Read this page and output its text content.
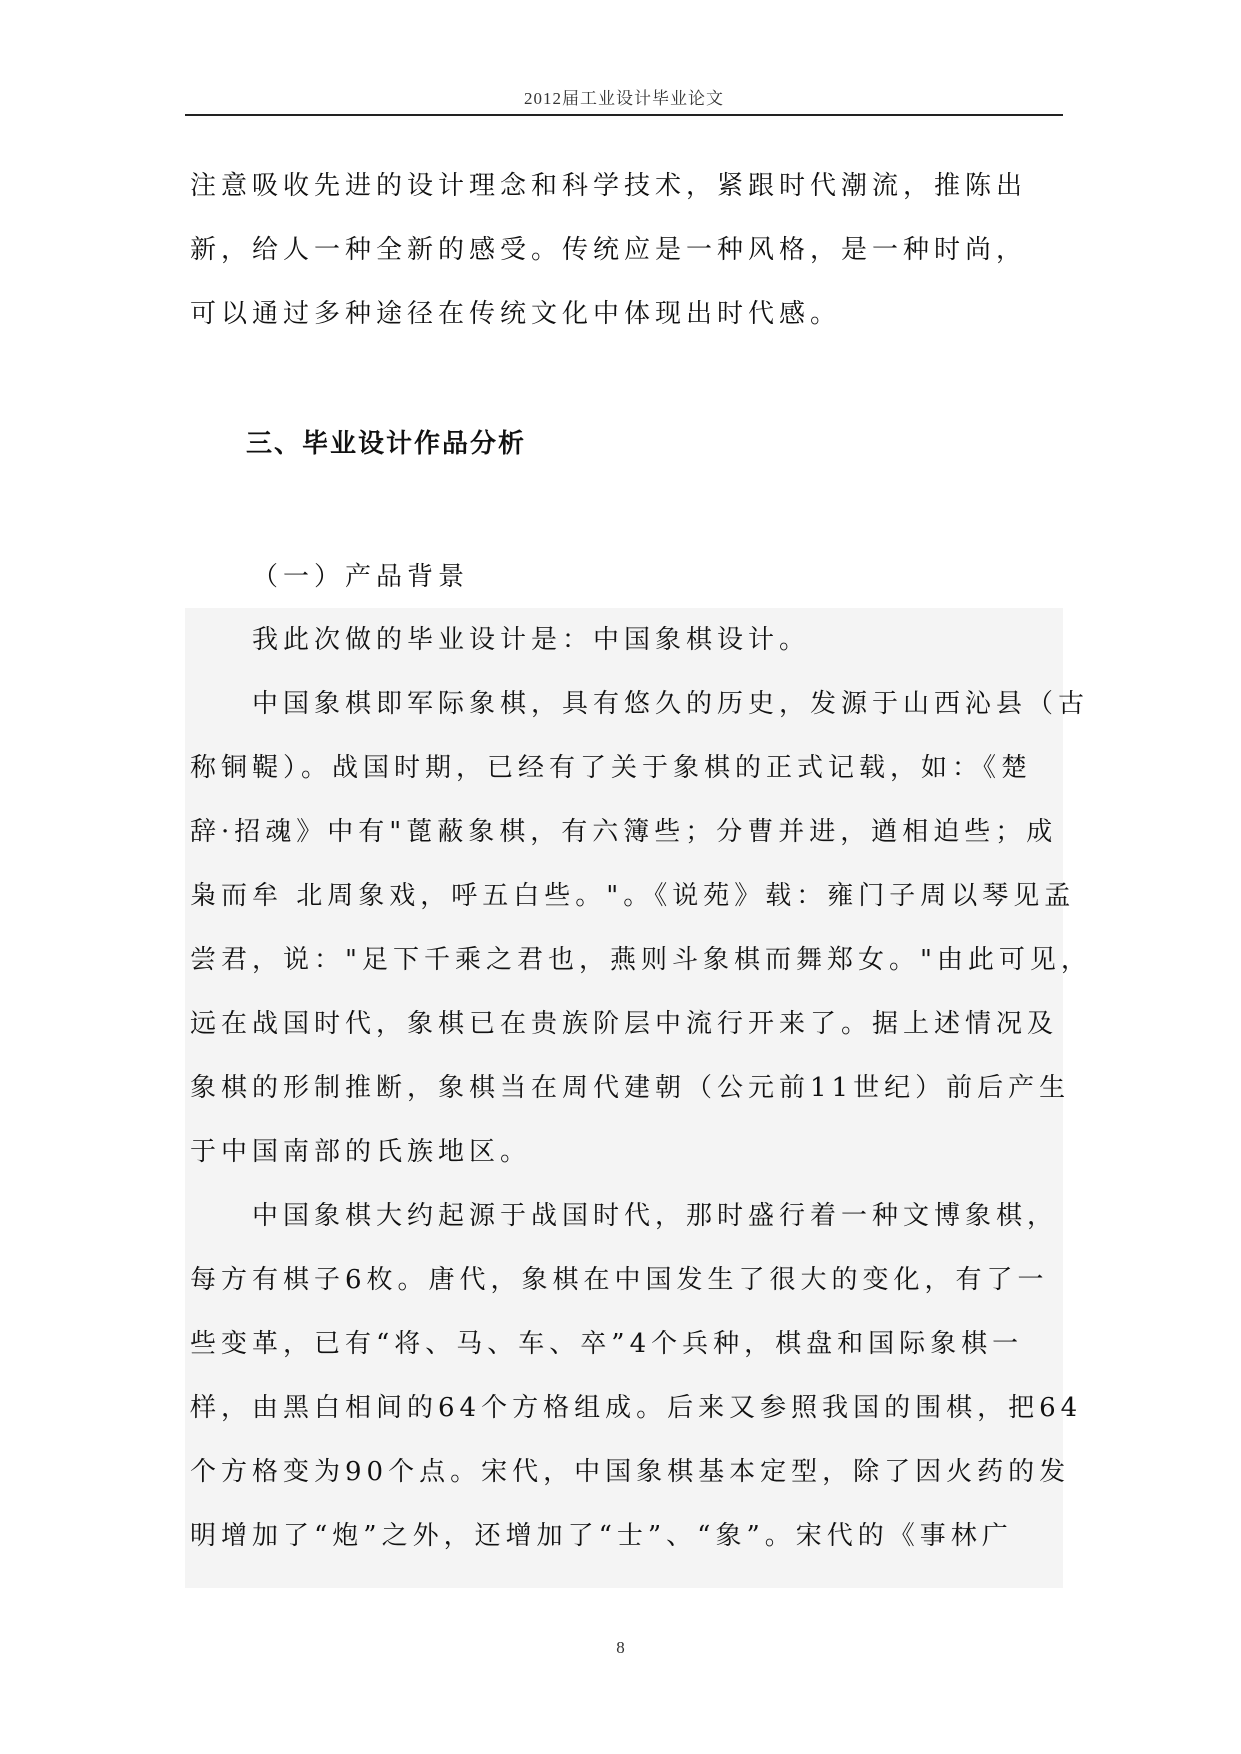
2012届工业设计毕业论文
注意吸收先进的设计理念和科学技术，紧跟时代潮流，推陈出
新，给人一种全新的感受。传统应是一种风格，是一种时尚，
可以通过多种途径在传统文化中体现出时代感。
三、毕业设计作品分析
（一）产品背景
我此次做的毕业设计是：中国象棋设计。
中国象棋即军际象棋，具有悠久的历史，发源于山西沁县（古
称铜鞮）。战国时期，已经有了关于象棋的正式记载，如：《楚
辞·招魂》中有"蓖蔽象棋，有六簿些；分曹并进，遒相迫些；成
枭而牟 北周象戏，呼五白些。"。《说苑》载：雍门子周以琴见孟
尝君，说："足下千乘之君也，燕则斗象棋而舞郑女。"由此可见，
远在战国时代，象棋已在贵族阶层中流行开来了。据上述情况及
象棋的形制推断，象棋当在周代建朝（公元前11世纪）前后产生
于中国南部的氏族地区。
中国象棋大约起源于战国时代，那时盛行着一种文博象棋，
每方有棋子6枚。唐代，象棋在中国发生了很大的变化，有了一
些变革，已有“将、马、车、卒”4个兵种，棋盘和国际象棋一
样，由黑白相间的64个方格组成。后来又参照我国的围棋，把64
个方格变为90个点。宋代，中国象棋基本定型，除了因火药的发
明增加了“炮”之外，还增加了“士”、“象”。宋代的《事林广
8
